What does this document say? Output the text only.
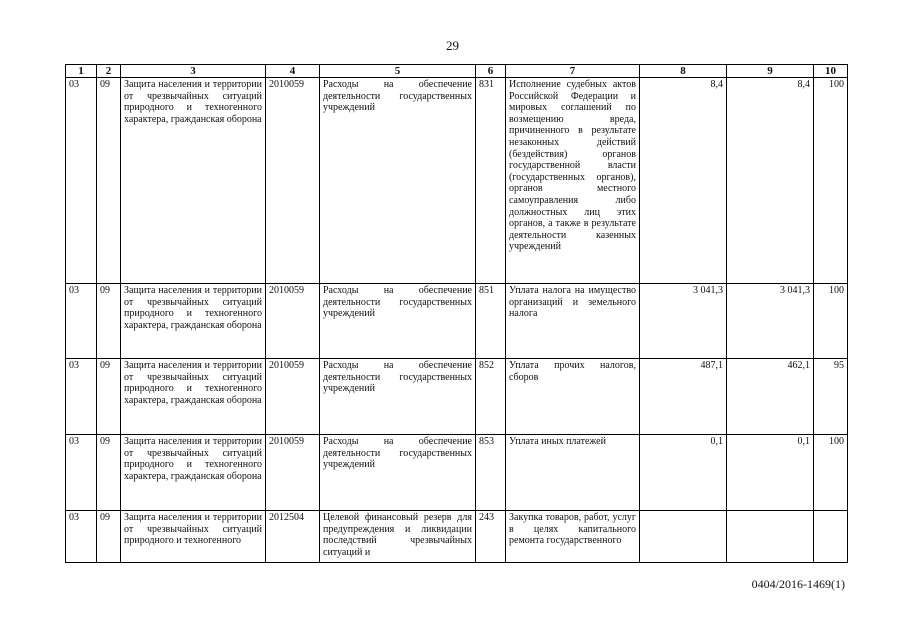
29
1	2	3	4	5	6	7	8	9	10
03	09	Защита населения и территории от чрезвычайных ситуаций природного и техногенного характера, гражданская оборона	2010059	Расходы на обеспечение деятельности государственных учреждений	831	Исполнение судебных актов Российской Федерации и мировых соглашений по возмещению вреда, причиненного в результате незаконных действий (бездействия) органов государственной власти (государственных органов), органов местного самоуправления либо должностных лиц этих органов, а также в результате деятельности казенных учреждений	8,4	8,4	100
03	09	Защита населения и территории от чрезвычайных ситуаций природного и техногенного характера, гражданская оборона	2010059	Расходы на обеспечение деятельности государственных учреждений	851	Уплата налога на имущество организаций и земельного налога	3 041,3	3 041,3	100
03	09	Защита населения и территории от чрезвычайных ситуаций природного и техногенного характера, гражданская оборона	2010059	Расходы на обеспечение деятельности государственных учреждений	852	Уплата прочих налогов, сборов	487,1	462,1	95
03	09	Защита населения и территории от чрезвычайных ситуаций природного и техногенного характера, гражданская оборона	2010059	Расходы на обеспечение деятельности государственных учреждений	853	Уплата иных платежей	0,1	0,1	100
03	09	Защита населения и территории от чрезвычайных ситуаций природного и техногенного	2012504	Целевой финансовый резерв для предупреждения и ликвидации последствий чрезвычайных ситуаций и	243	Закупка товаров, работ, услуг в целях капитального ремонта государственного			
0404/2016-1469(1)
